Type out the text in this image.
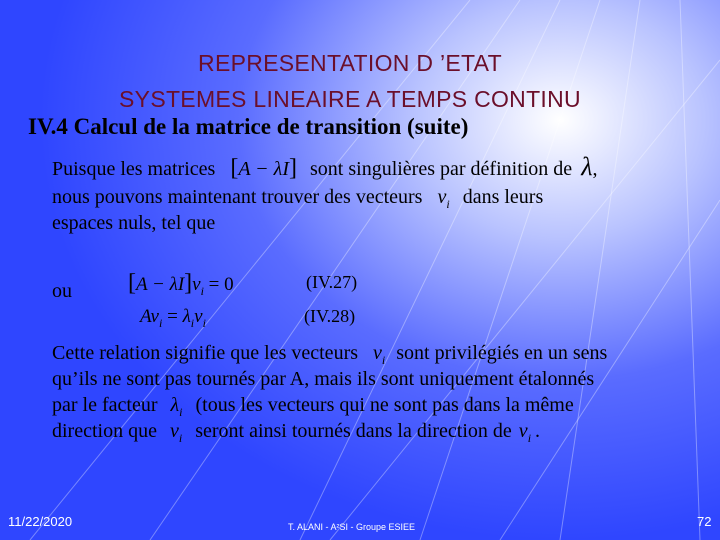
REPRESENTATION D ’ETAT
SYSTEMES LINEAIRE A TEMPS CONTINU
IV.4 Calcul de la matrice de transition (suite)
Puisque les matrices [A − λI] sont singulières par définition de λ,
nous pouvons maintenant trouver des vecteurs $v_i$ dans leurs
espaces nuls, tel que
ou $[A - \lambda I]v_i = 0$	(IV.27)
$Av_i = \lambda_iv_i$	(IV.28)
Cette relation signifie que les vecteurs $v_i$ sont privilégiés en un sens
qu’ils ne sont pas tournés par A, mais ils sont uniquement étalonnés
par le facteur $\lambda_i$ (tous les vecteurs qui ne sont pas dans la même
direction que $v_i$ seront ainsi tournés dans la direction de $v_i$ .
11/22/2020	T. ALANI - A²SI - Groupe ESIEE	72
